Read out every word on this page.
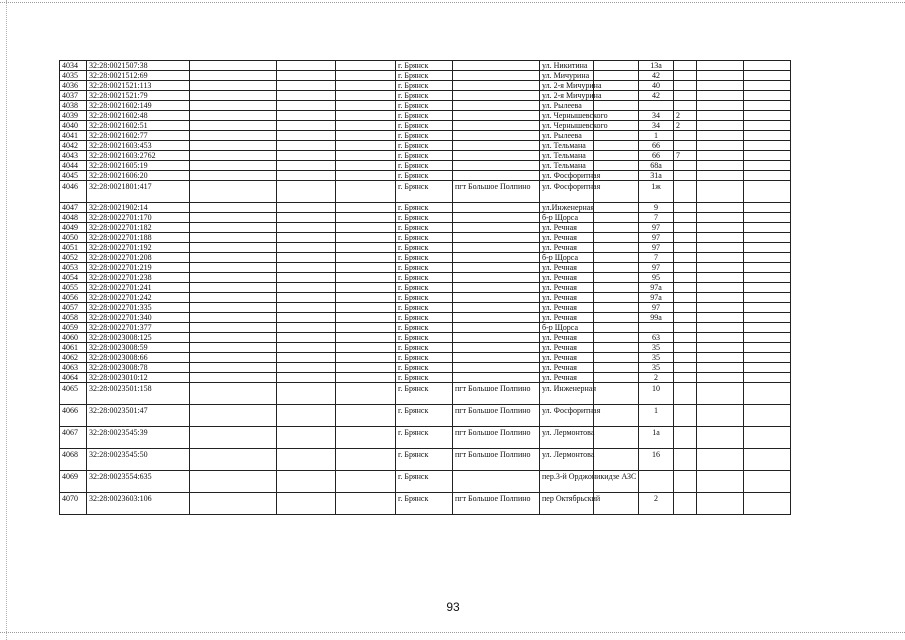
4034	32:28:0021507:38				г. Брянск		ул. Никитина		13а			
4035	32:28:0021512:69				г. Брянск		ул. Мичурина		42			
4036	32:28:0021521:113				г. Брянск		ул. 2-я Мичурина		40			
4037	32:28:0021521:79				г. Брянск		ул. 2-я Мичурина		42			
4038	32:28:0021602:149				г. Брянск		ул. Рылеева					
4039	32:28:0021602:48				г. Брянск		ул. Чернышевского		34	2		
4040	32:28:0021602:51				г. Брянск		ул. Чернышевского		34	2		
4041	32:28:0021602:77				г. Брянск		ул. Рылеева		1			
4042	32:28:0021603:453				г. Брянск		ул. Тельмана		66			
4043	32:28:0021603:2762				г. Брянск		ул. Тельмана		66	7		
4044	32:28:0021605:19				г. Брянск		ул. Тельмана		68а			
4045	32:28:0021606:20				г. Брянск		ул. Фосфоритная		31а			
4046	32:28:0021801:417				г. Брянск	пгт Большое Полпино	ул. Фосфоритная		1ж			
4047	32:28:0021902:14				г. Брянск		ул.Инженерная		9			
4048	32:28:0022701:170				г. Брянск		б-р Щорса		7			
4049	32:28:0022701:182				г. Брянск		ул. Речная		97			
4050	32:28:0022701:188				г. Брянск		ул. Речная		97			
4051	32:28:0022701:192				г. Брянск		ул. Речная		97			
4052	32:28:0022701:208				г. Брянск		б-р Щорса		7			
4053	32:28:0022701:219				г. Брянск		ул. Речная		97			
4054	32:28:0022701:238				г. Брянск		ул. Речная		95			
4055	32:28:0022701:241				г. Брянск		ул. Речная		97а			
4056	32:28:0022701:242				г. Брянск		ул. Речная		97а			
4057	32:28:0022701:335				г. Брянск		ул. Речная		97			
4058	32:28:0022701:340				г. Брянск		ул. Речная		99а			
4059	32:28:0022701:377				г. Брянск		б-р Щорса					
4060	32:28:0023008:125				г. Брянск		ул. Речная		63			
4061	32:28:0023008:59				г. Брянск		ул. Речная		35			
4062	32:28:0023008:66				г. Брянск		ул. Речная		35			
4063	32:28:0023008:78				г. Брянск		ул. Речная		35			
4064	32:28:0023010:12				г. Брянск		ул. Речная		2			
4065	32:28:0023501:158				г. Брянск	пгт Большое Полпино	ул. Инженерная		10			
4066	32:28:0023501:47				г. Брянск	пгт Большое Полпино	ул. Фосфоритная		1			
4067	32:28:0023545:39				г. Брянск	пгт Большое Полпино	ул. Лермонтова		1а			
4068	32:28:0023545:50				г. Брянск	пгт Большое Полпино	ул. Лермонтова		16			
4069	32:28:0023554:635				г. Брянск		пер.3-й Орджоникидзе АЗС					
4070	32:28:0023603:106				г. Брянск	пгт Большое Полпино	пер Октябрьский		2			
93
